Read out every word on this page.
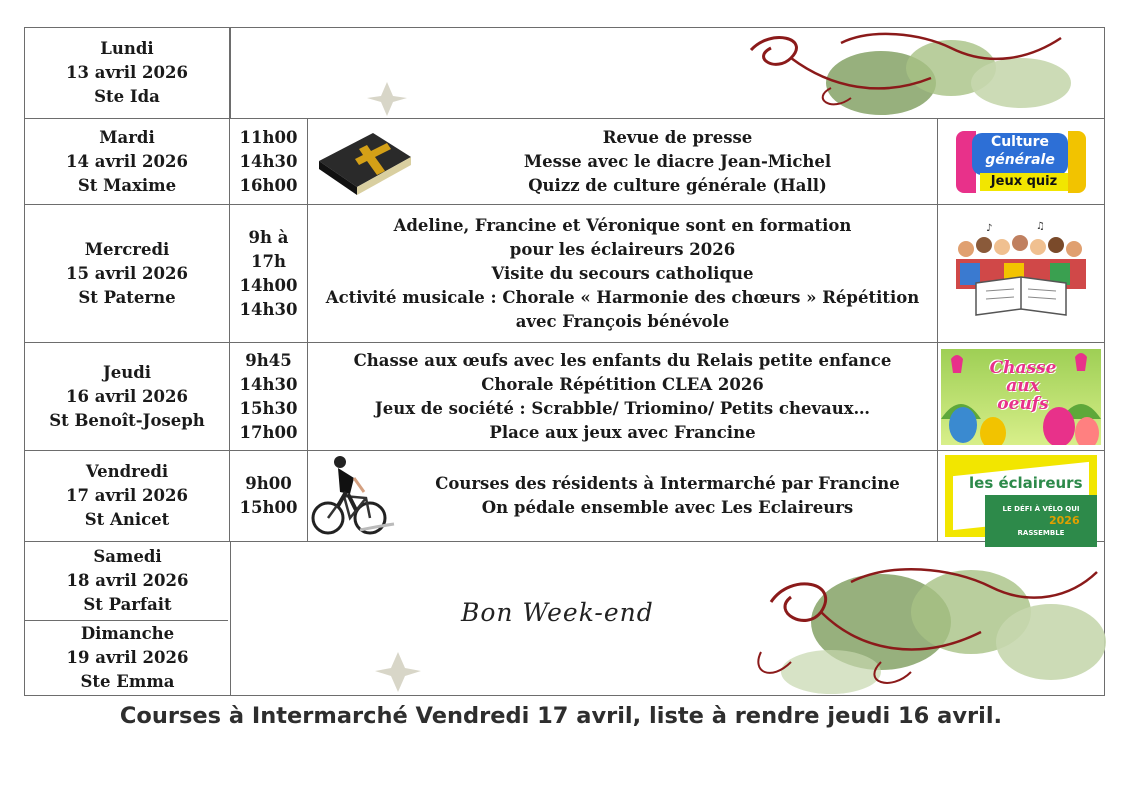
Lundi
13 avril 2026
Ste Ida
Mardi
14 avril 2026
St Maxime
11h00
14h30
16h00
Revue de presse
Messe avec le diacre Jean-Michel
Quizz de culture générale (Hall)
Culture
générale
Jeux quiz
Mercredi
15 avril 2026
St Paterne
9h à
17h
14h00
14h30
Adeline, Francine et Véronique sont en formation
pour les éclaireurs 2026
Visite du secours catholique
Activité musicale : Chorale « Harmonie des chœurs » Répétition
avec François bénévole
♪	♫
Jeudi
16 avril 2026
St Benoît-Joseph
9h45
14h30
15h30
17h00
Chasse aux œufs avec les enfants du Relais petite enfance
Chorale Répétition CLEA 2026
Jeux de société : Scrabble/ Triomino/ Petits chevaux…
Place aux jeux avec Francine
Chasse
aux
oeufs
Vendredi
17 avril 2026
St Anicet
9h00
15h00
Courses des résidents à Intermarché par Francine
On pédale ensemble avec Les Eclaireurs
les éclaireurs
LE DÉFI À VÉLO QUI RASSEMBLE
2026
Bon Week-end
Samedi
18 avril 2026
St Parfait
Dimanche
19 avril 2026
Ste Emma
Courses à Intermarché Vendredi 17 avril, liste à rendre jeudi 16 avril.
